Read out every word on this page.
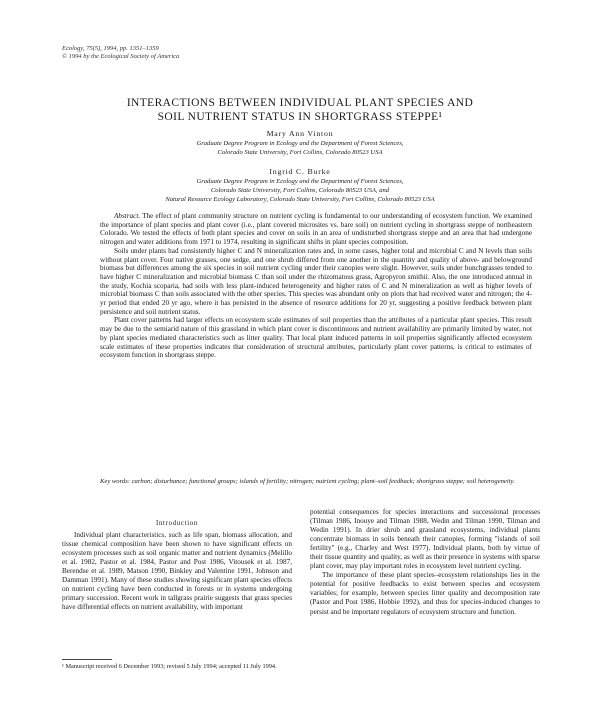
Ecology, 75(5), 1994, pp. 1351–1359
© 1994 by the Ecological Society of America
INTERACTIONS BETWEEN INDIVIDUAL PLANT SPECIES AND
SOIL NUTRIENT STATUS IN SHORTGRASS STEPPE¹
Mary Ann Vinton
Graduate Degree Program in Ecology and the Department of Forest Sciences,
Colorado State University, Fort Collins, Colorado 80523 USA
Ingrid C. Burke
Graduate Degree Program in Ecology and the Department of Forest Sciences,
Colorado State University, Fort Collins, Colorado 80523 USA, and
Natural Resource Ecology Laboratory, Colorado State University, Fort Collins, Colorado 80523 USA

Abstract. The effect of plant community structure on nutrient cycling is fundamental to our understanding of ecosystem function. We examined the importance of plant species and plant cover (i.e., plant covered microsites vs. bare soil) on nutrient cycling in shortgrass steppe of northeastern Colorado. We tested the effects of both plant species and cover on soils in an area of undisturbed shortgrass steppe and an area that had undergone nitrogen and water additions from 1971 to 1974, resulting in significant shifts in plant species composition.

Soils under plants had consistently higher C and N mineralization rates and, in some cases, higher total and microbial C and N levels than soils without plant cover. Four native grasses, one sedge, and one shrub differed from one another in the quantity and quality of above- and belowground biomass but differences among the six species in soil nutrient cycling under their canopies were slight. However, soils under bunchgrasses tended to have higher C mineralization and microbial biomass C than soil under the rhizomatous grass, Agropyron smithii. Also, the one introduced annual in the study, Kochia scoparia, had soils with less plant-induced heterogeneity and higher rates of C and N mineralization as well as higher levels of microbial biomass C than soils associated with the other species. This species was abundant only on plots that had received water and nitrogen; the 4-yr period that ended 20 yr ago, where it has persisted in the absence of resource additions for 20 yr, suggesting a positive feedback between plant persistence and soil nutrient status.

Plant cover patterns had larger effects on ecosystem scale estimates of soil properties than the attributes of a particular plant species. This result may be due to the semiarid nature of this grassland in which plant cover is discontinuous and nutrient availability are primarily limited by water, not by plant species mediated characteristics such as litter quality. That local plant induced patterns in soil properties significantly affected ecosystem scale estimates of these properties indicates that consideration of structural attributes, particularly plant cover patterns, is critical to estimates of ecosystem function in shortgrass steppe.

Key words: carbon; disturbance; functional groups; islands of fertility; nitrogen; nutrient cycling; plant–soil feedback; shortgrass steppe; soil heterogeneity.
Introduction

Individual plant characteristics, such as life span, biomass allocation, and tissue chemical composition have been shown to have significant effects on ecosystem processes such as soil organic matter and nutrient dynamics (Melillo et al. 1982, Pastor et al. 1984, Pastor and Post 1986, Vitousek et al. 1987, Berendse et al. 1989, Matson 1990, Binkley and Valentine 1991, Johnson and Damman 1991). Many of these studies showing significant plant species effects on nutrient cycling have been conducted in forests or in systems undergoing primary succession. Recent work in tallgrass prairie suggests that grass species have differential effects on nutrient availability, with important

potential consequences for species interactions and successional processes (Tilman 1986, Inouye and Tilman 1988, Wedin and Tilman 1990, Tilman and Wedin 1991). In drier shrub and grassland ecosystems, individual plants concentrate biomass in soils beneath their canopies, forming "islands of soil fertility" (e.g., Charley and West 1977). Individual plants, both by virtue of their tissue quantity and quality, as well as their presence in systems with sparse plant cover, may play important roles in ecosystem level nutrient cycling.

The importance of these plant species–ecosystem relationships lies in the potential for positive feedbacks to exist between species and ecosystem variables; for example, between species litter quality and decomposition rate (Pastor and Post 1986, Hobbie 1992), and thus for species-induced changes to persist and be important regulators of ecosystem structure and function.

¹ Manuscript received 6 December 1993; revised 5 July 1994; accepted 11 July 1994.
